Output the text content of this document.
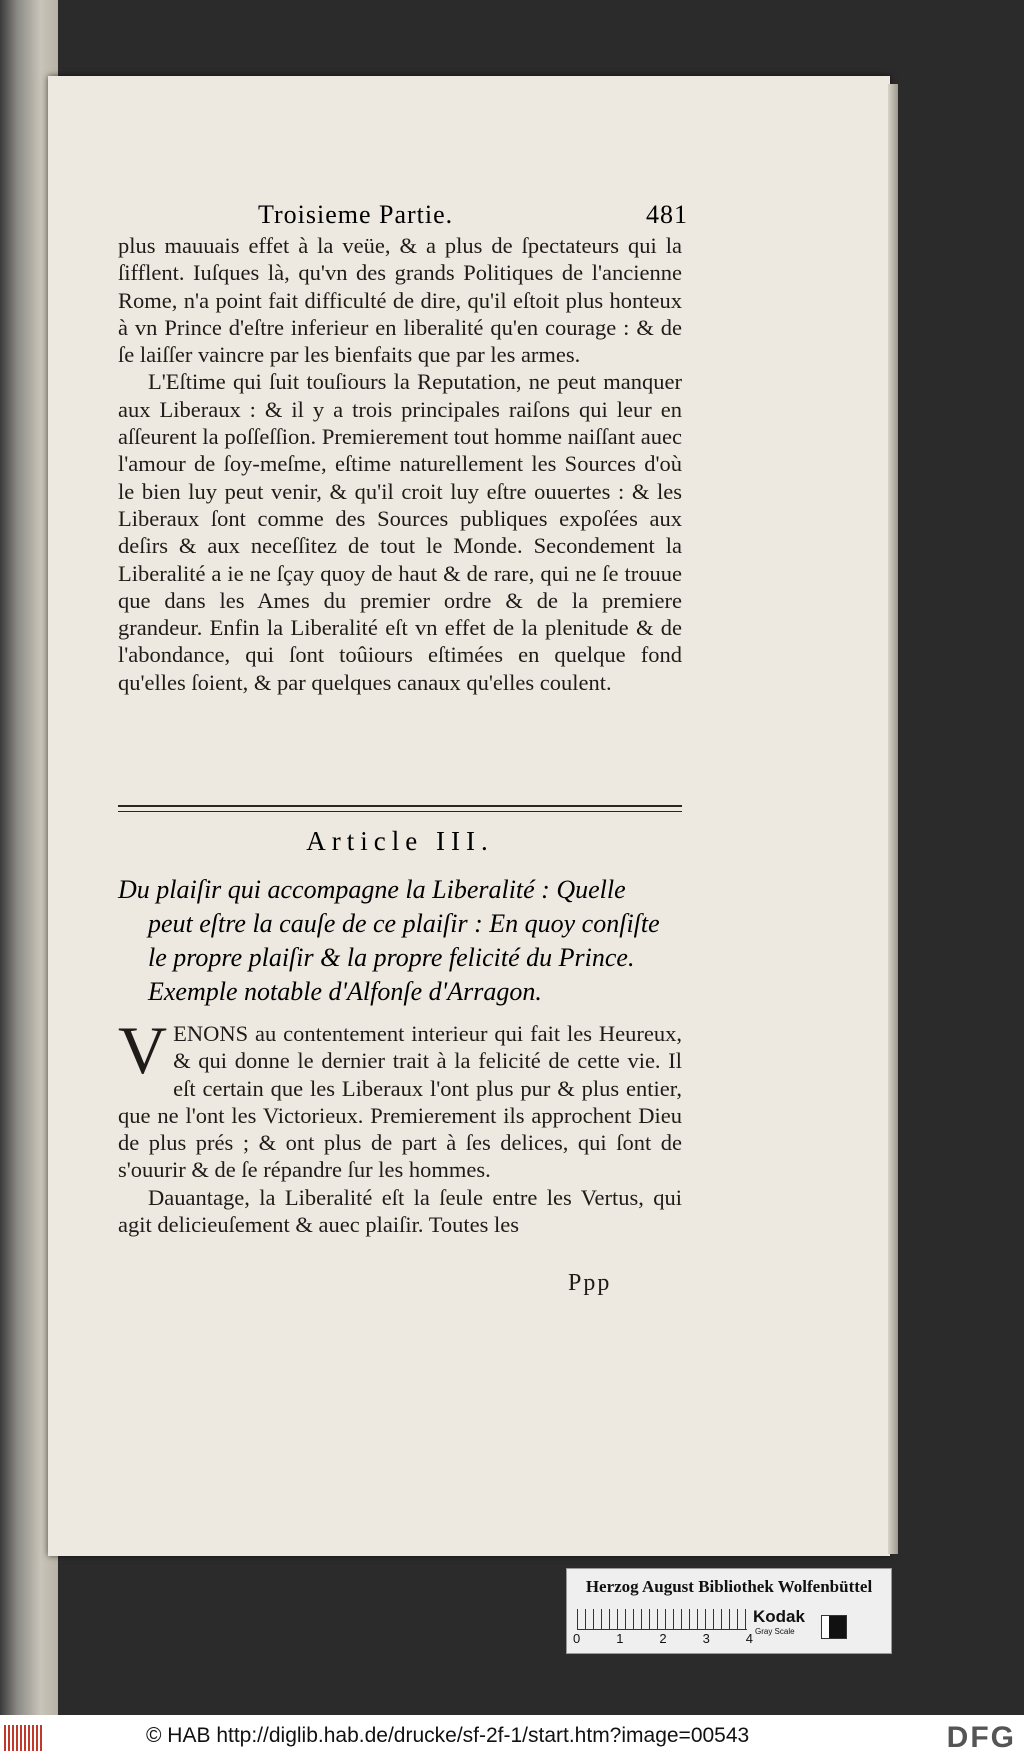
Troisieme Partie.	481

plus mauuais effet à la veüe, & a plus de ſpectateurs qui la ſifflent. Iuſques là, qu'vn des grands Politiques de l'ancienne Rome, n'a point fait difficulté de dire, qu'il eſtoit plus honteux à vn Prince d'eſtre inferieur en liberalité qu'en courage : & de ſe laiſſer vaincre par les bienfaits que par les armes.

L'Eſtime qui ſuit touſiours la Reputation, ne peut manquer aux Liberaux : & il y a trois principales raiſons qui leur en aſſeurent la poſſeſſion. Premierement tout homme naiſſant auec l'amour de ſoy-meſme, eſtime naturellement les Sources d'où le bien luy peut venir, & qu'il croit luy eſtre ouuertes : & les Liberaux ſont comme des Sources publiques expoſées aux deſirs & aux neceſſitez de tout le Monde. Secondement la Liberalité a ie ne ſçay quoy de haut & de rare, qui ne ſe trouue que dans les Ames du premier ordre & de la premiere grandeur. Enfin la Liberalité eſt vn effet de la plenitude & de l'abondance, qui ſont toûiours eſtimées en quelque fond qu'elles ſoient, & par quelques canaux qu'elles coulent.

Article III.
Du plaiſir qui accompagne la Liberalité : Quelle
peut eſtre la cauſe de ce plaiſir : En quoy conſiſte le propre plaiſir & la propre felicité du Prince. Exemple notable d'Alfonſe d'Arragon.

VENONS au contentement interieur qui fait les Heureux, & qui donne le dernier trait à la felicité de cette vie. Il eſt certain que les Liberaux l'ont plus pur & plus entier, que ne l'ont les Victorieux. Premierement ils approchent Dieu de plus prés ; & ont plus de part à ſes delices, qui ſont de s'ouurir & de ſe répandre ſur les hommes.

Dauantage, la Liberalité eſt la ſeule entre les Vertus, qui agit delicieuſement & auec plaiſir. Toutes les

Ppp
Herzog August Bibliothek Wolfenbüttel
0	1	2	3	4
Kodak
Gray Scale
© HAB http://diglib.hab.de/drucke/sf-2f-1/start.htm?image=00543	DFG
